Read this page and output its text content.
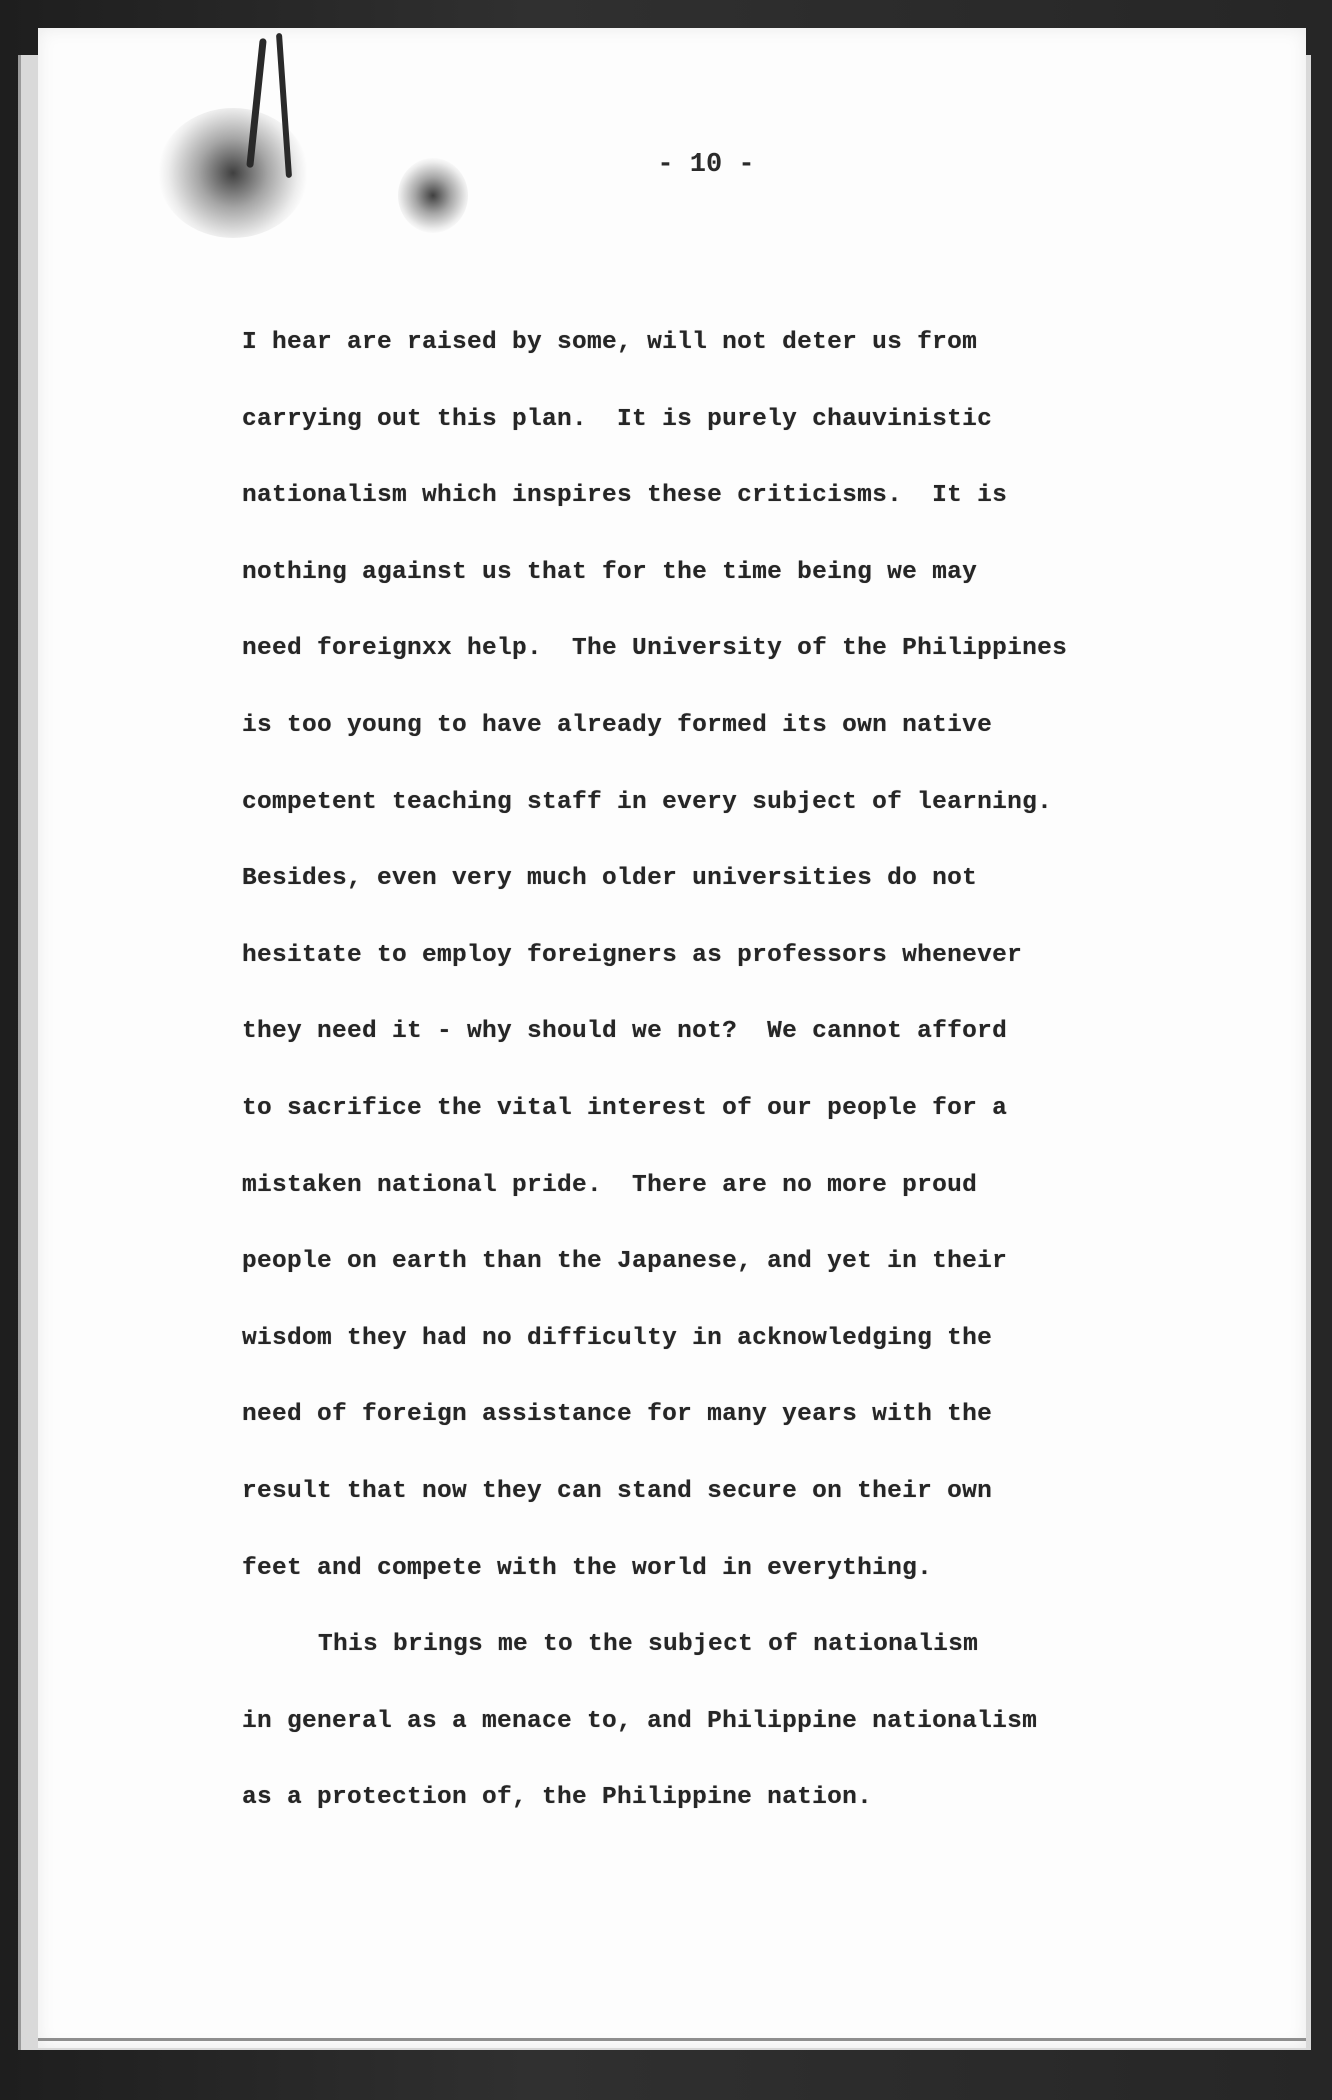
- 10 -

I hear are raised by some, will not deter us from

carrying out this plan.  It is purely chauvinistic

nationalism which inspires these criticisms.  It is

nothing against us that for the time being we may

need foreignxx help.  The University of the Philippines

is too young to have already formed its own native

competent teaching staff in every subject of learning.

Besides, even very much older universities do not

hesitate to employ foreigners as professors whenever

they need it - why should we not?  We cannot afford

to sacrifice the vital interest of our people for a

mistaken national pride.  There are no more proud

people on earth than the Japanese, and yet in their

wisdom they had no difficulty in acknowledging the

need of foreign assistance for many years with the

result that now they can stand secure on their own

feet and compete with the world in everything.

This brings me to the subject of nationalism

in general as a menace to, and Philippine nationalism

as a protection of, the Philippine nation.
